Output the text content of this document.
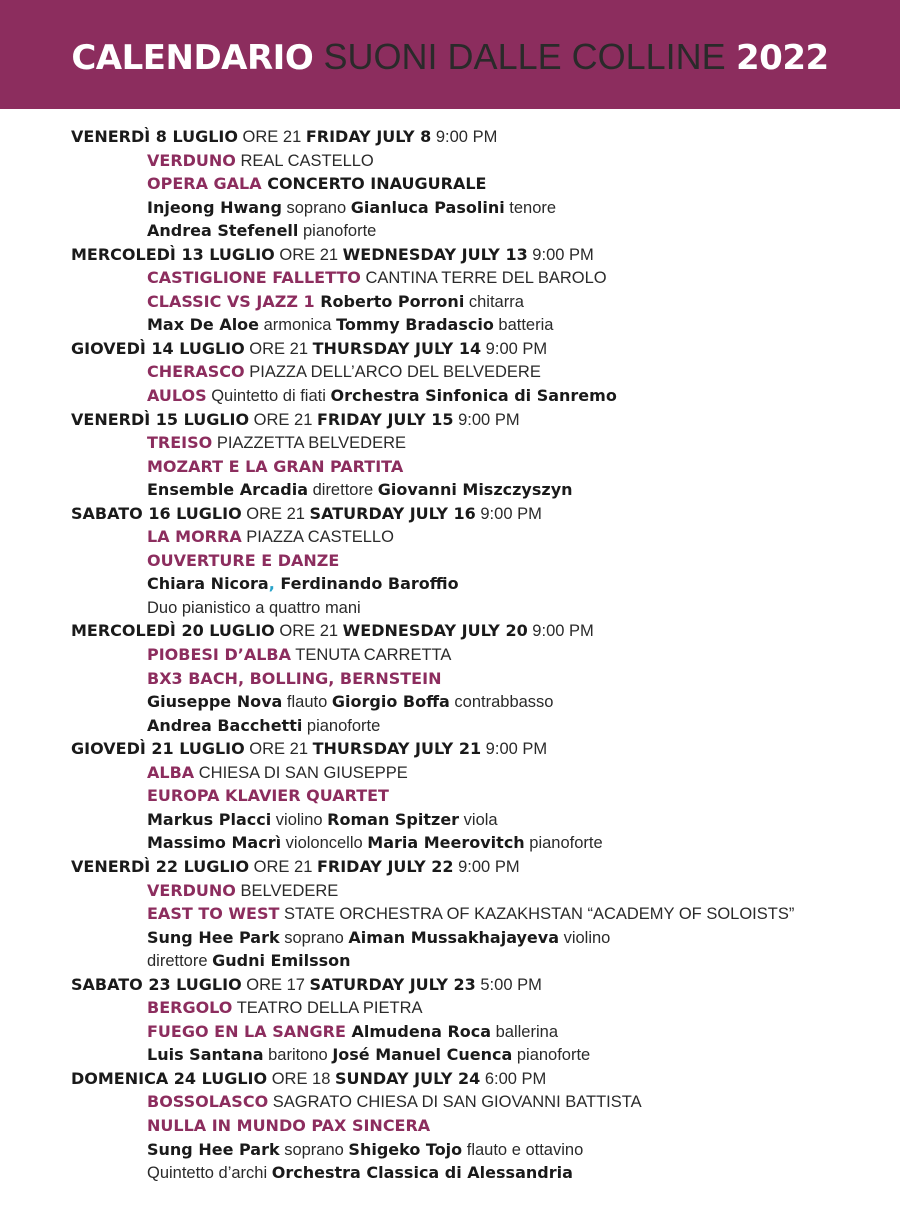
CALENDARIO SUONI DALLE COLLINE 2022
VENERDÌ 8 LUGLIO ORE 21 FRIDAY JULY 8 9:00 PM
VERDUNO REAL CASTELLO
OPERA GALA CONCERTO INAUGURALE
Injeong Hwang soprano Gianluca Pasolini tenore
Andrea Stefenell pianoforte
MERCOLEDÌ 13 LUGLIO ORE 21 WEDNESDAY JULY 13 9:00 PM
CASTIGLIONE FALLETTO CANTINA TERRE DEL BAROLO
CLASSIC VS JAZZ 1 Roberto Porroni chitarra
Max De Aloe armonica Tommy Bradascio batteria
GIOVEDÌ 14 LUGLIO ORE 21 THURSDAY JULY 14 9:00 PM
CHERASCO PIAZZA DELL’ARCO DEL BELVEDERE
AULOS Quintetto di fiati Orchestra Sinfonica di Sanremo
VENERDÌ 15 LUGLIO ORE 21 FRIDAY JULY 15 9:00 PM
TREISO PIAZZETTA BELVEDERE
MOZART E LA GRAN PARTITA
Ensemble Arcadia direttore Giovanni Miszczyszyn
SABATO 16 LUGLIO ORE 21 SATURDAY JULY 16 9:00 PM
LA MORRA PIAZZA CASTELLO
OUVERTURE E DANZE
Chiara Nicora, Ferdinando Baroffio
Duo pianistico a quattro mani
MERCOLEDÌ 20 LUGLIO ORE 21 WEDNESDAY JULY 20 9:00 PM
PIOBESI D’ALBA TENUTA CARRETTA
BX3 BACH, BOLLING, BERNSTEIN
Giuseppe Nova flauto Giorgio Boffa contrabbasso
Andrea Bacchetti pianoforte
GIOVEDÌ 21 LUGLIO ORE 21 THURSDAY JULY 21 9:00 PM
ALBA CHIESA DI SAN GIUSEPPE
EUROPA KLAVIER QUARTET
Markus Placci violino Roman Spitzer viola
Massimo Macrì violoncello Maria Meerovitch pianoforte
VENERDÌ 22 LUGLIO ORE 21 FRIDAY JULY 22 9:00 PM
VERDUNO BELVEDERE
EAST TO WEST STATE ORCHESTRA OF KAZAKHSTAN “ACADEMY OF SOLOISTS”
Sung Hee Park soprano Aiman Mussakhajayeva violino
direttore Gudni Emilsson
SABATO 23 LUGLIO ORE 17 SATURDAY JULY 23 5:00 PM
BERGOLO TEATRO DELLA PIETRA
FUEGO EN LA SANGRE Almudena Roca ballerina
Luis Santana baritono José Manuel Cuenca pianoforte
DOMENICA 24 LUGLIO ORE 18 SUNDAY JULY 24 6:00 PM
BOSSOLASCO SAGRATO CHIESA DI SAN GIOVANNI BATTISTA
NULLA IN MUNDO PAX SINCERA
Sung Hee Park soprano Shigeko Tojo flauto e ottavino
Quintetto d’archi Orchestra Classica di Alessandria
